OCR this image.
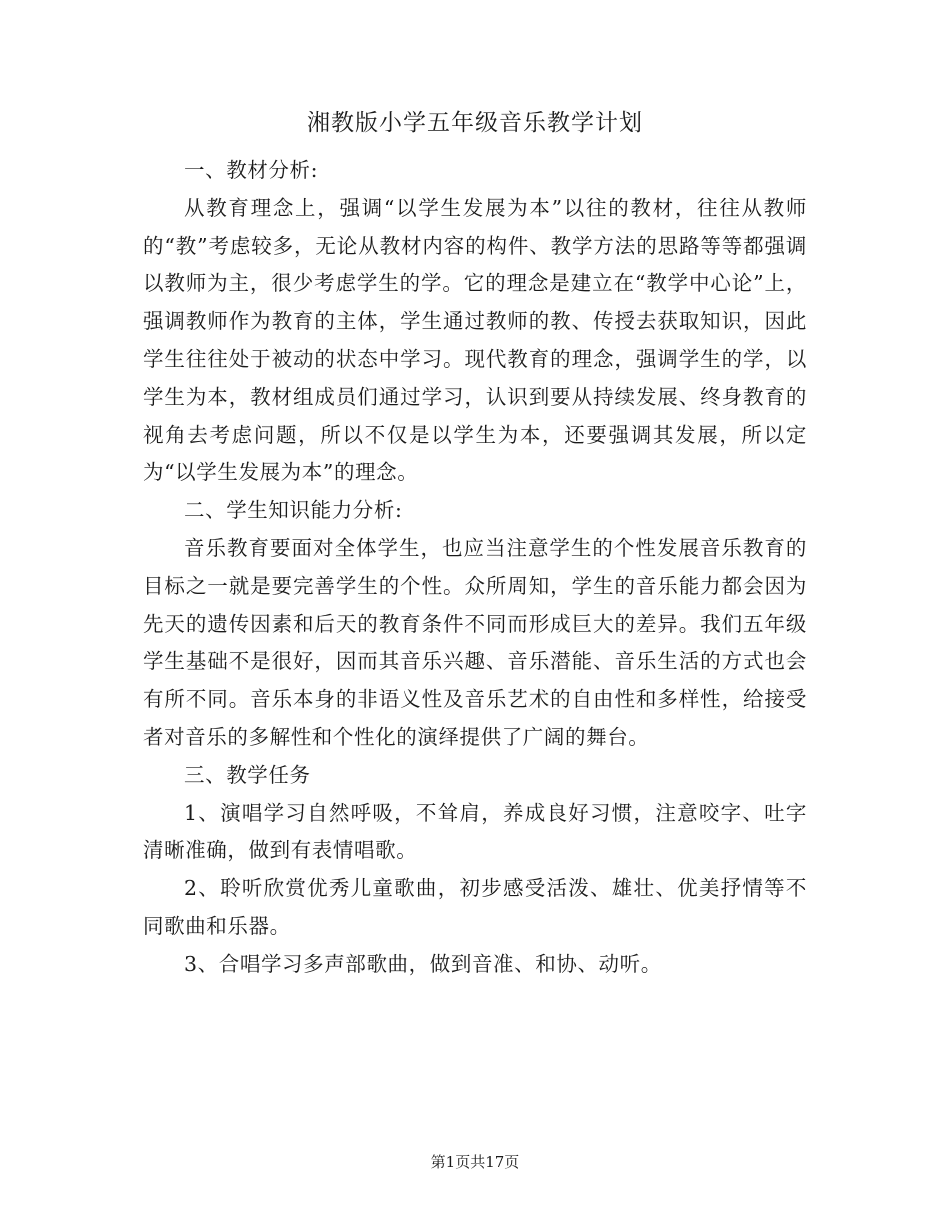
湘教版小学五年级音乐教学计划

一、教材分析:

从教育理念上，强调“以学生发展为本”以往的教材，往往从教师的“教”考虑较多，无论从教材内容的构件、教学方法的思路等等都强调以教师为主，很少考虑学生的学。它的理念是建立在“教学中心论”上，强调教师作为教育的主体，学生通过教师的教、传授去获取知识，因此学生往往处于被动的状态中学习。现代教育的理念，强调学生的学，以学生为本，教材组成员们通过学习，认识到要从持续发展、终身教育的视角去考虑问题，所以不仅是以学生为本，还要强调其发展，所以定为“以学生发展为本”的理念。

二、学生知识能力分析:

音乐教育要面对全体学生，也应当注意学生的个性发展音乐教育的目标之一就是要完善学生的个性。众所周知，学生的音乐能力都会因为先天的遗传因素和后天的教育条件不同而形成巨大的差异。我们五年级学生基础不是很好，因而其音乐兴趣、音乐潜能、音乐生活的方式也会有所不同。音乐本身的非语义性及音乐艺术的自由性和多样性，给接受者对音乐的多解性和个性化的演绎提供了广阔的舞台。

三、教学任务

1、演唱学习自然呼吸，不耸肩，养成良好习惯，注意咬字、吐字清晰准确，做到有表情唱歌。

2、聆听欣赏优秀儿童歌曲，初步感受活泼、雄壮、优美抒情等不同歌曲和乐器。

3、合唱学习多声部歌曲，做到音准、和协、动听。

第1页共17页
